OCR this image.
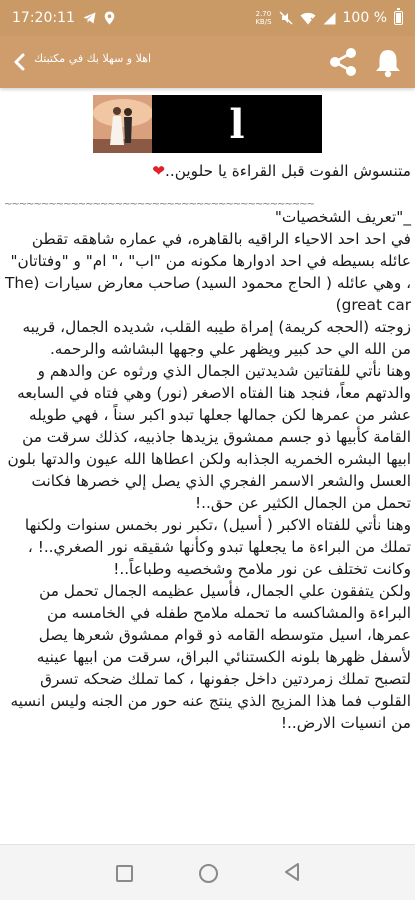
17:20:11	2.70
KB/S	100 %
اهلا و سهلا بك في مكتبتك
l

متنسوش الفوت قبل القراءة يا حلوين..❤

~~~~~~~~~~~~~~~~~~~~~~~~~~~~~~~~~~~~~~~~~~

_"تعريف الشخصيات"

في احد احد الاحياء الراقيه بالقاهره، في عماره شاهقه تقطن عائله بسيطه في احد ادوارها مكونه من "اب" ،" ام" و "وفتاتان" ، وهي عائله ( الحاج محمود السيد) صاحب معارض سيارات (The great car)

زوجته (الحجه كريمة) إمراة طيبه القلب، شديده الجمال، قريبه من الله الي حد كبير ويظهر علي وجهها البشاشه والرحمه.

وهنا نأتي للفتاتين شديدتين الجمال الذي ورثوه عن والدهم و والدتهم معاً، فنجد هنا الفتاه الاصغر (نور) وهي فتاه في السابعه عشر من عمرها لكن جمالها جعلها تبدو اكبر سناً ، فهي طويله القامة كأبيها ذو جسم ممشوق يزيدها جاذبيه، كذلك سرقت من ابيها البشره الخمريه الجذابه ولكن اعطاها الله عيون والدتها بلون العسل والشعر الاسمر الفجري الذي يصل إلي خصرها فكانت تحمل من الجمال الكثير عن حق..!

وهنا نأتي للفتاه الاكبر ( أسيل) ،تكبر نور بخمس سنوات ولكنها تملك من البراءة ما يجعلها تبدو وكأنها شقيقه نور الصغري..! ، وكانت تختلف عن نور ملامح وشخصيه وطباعاً..!

ولكن يتفقون علي الجمال، فأسيل عظيمه الجمال تحمل من البراءة والمشاكسه ما تحمله ملامح طفله في الخامسه من عمرها، اسيل متوسطه القامه ذو قوام ممشوق شعرها يصل لأسفل ظهرها بلونه الكستنائي البراق، سرقت من ابيها عينيه لتصبح تملك زمردتين داخل جفونها ، كما تملك ضحكه تسرق القلوب فما هذا المزيج الذي ينتج عنه حور من الجنه وليس انسيه من انسيات الارض..!
